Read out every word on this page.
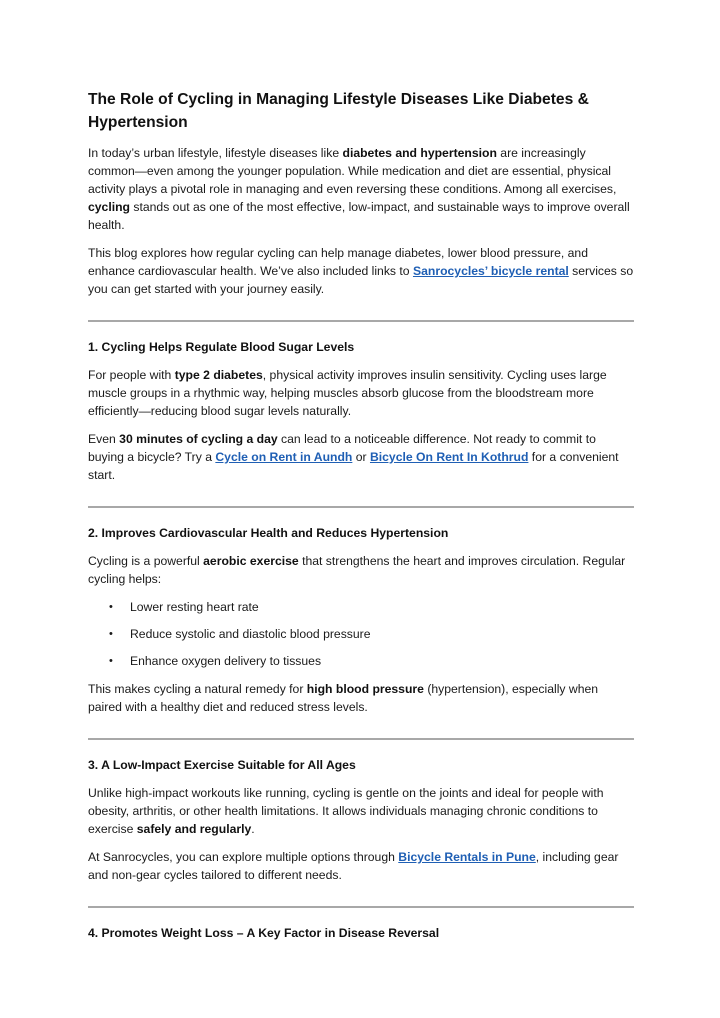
The Role of Cycling in Managing Lifestyle Diseases Like Diabetes & Hypertension

In today’s urban lifestyle, lifestyle diseases like diabetes and hypertension are increasingly common—even among the younger population. While medication and diet are essential, physical activity plays a pivotal role in managing and even reversing these conditions. Among all exercises, cycling stands out as one of the most effective, low-impact, and sustainable ways to improve overall health.

This blog explores how regular cycling can help manage diabetes, lower blood pressure, and enhance cardiovascular health. We’ve also included links to Sanrocycles’ bicycle rental services so you can get started with your journey easily.

1. Cycling Helps Regulate Blood Sugar Levels

For people with type 2 diabetes, physical activity improves insulin sensitivity. Cycling uses large muscle groups in a rhythmic way, helping muscles absorb glucose from the bloodstream more efficiently—reducing blood sugar levels naturally.

Even 30 minutes of cycling a day can lead to a noticeable difference. Not ready to commit to buying a bicycle? Try a Cycle on Rent in Aundh or Bicycle On Rent In Kothrud for a convenient start.

2. Improves Cardiovascular Health and Reduces Hypertension

Cycling is a powerful aerobic exercise that strengthens the heart and improves circulation. Regular cycling helps:

• Lower resting heart rate
• Reduce systolic and diastolic blood pressure
• Enhance oxygen delivery to tissues

This makes cycling a natural remedy for high blood pressure (hypertension), especially when paired with a healthy diet and reduced stress levels.

3. A Low-Impact Exercise Suitable for All Ages

Unlike high-impact workouts like running, cycling is gentle on the joints and ideal for people with obesity, arthritis, or other health limitations. It allows individuals managing chronic conditions to exercise safely and regularly.

At Sanrocycles, you can explore multiple options through Bicycle Rentals in Pune, including gear and non-gear cycles tailored to different needs.

4. Promotes Weight Loss – A Key Factor in Disease Reversal
